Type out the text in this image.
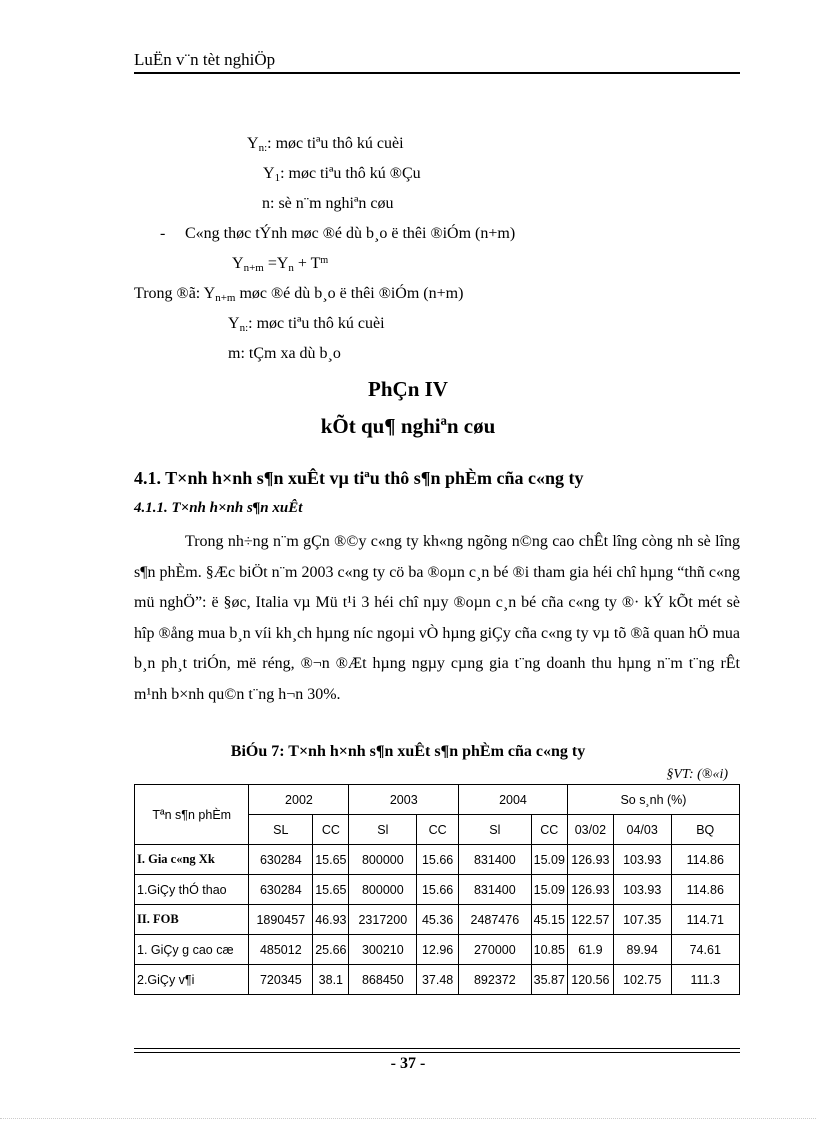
LuËn v¨n tèt nghiÖp
$Y_{n:}$: møc tiªu thô kú cuèi
$Y_1$: møc tiªu thô kú ®Çu
n: sè n¨m nghiªn cøu
- C«ng thøc tÝnh møc ®é dù b¸o ë thêi ®iÓm (n+m)
$Y_{n+m} =Y_n + T^m$
Trong ®ã: $Y_{n+m}$ møc ®é dù b¸o ë thêi ®iÓm (n+m)
$Y_{n:}$: møc tiªu thô kú cuèi
m: tÇm xa dù b¸o
PhÇn IV
kÕt qu¶ nghiªn cøu
4.1. T×nh h×nh s¶n xuÊt vµ tiªu thô s¶n phÈm cña c«ng ty
4.1.1. T×nh h×nh s¶n xuÊt

Trong nh÷ng n¨m gÇn ®©y c«ng ty kh«ng ngõng n©ng cao chÊt lîng còng nh sè lîng s¶n phÈm. §Æc biÖt n¨m 2003 c«ng ty cö ba ®oµn c¸n bé ®i tham gia héi chî hµng “thñ c«ng mü nghÖ”: ë §øc, Italia vµ Mü t¹i 3 héi chî nµy ®oµn c¸n bé cña c«ng ty ®· kÝ kÕt mét sè hîp ®ång mua b¸n víi kh¸ch hµng níc ngoµi vÒ hµng giÇy cña c«ng ty vµ tõ ®ã quan hÖ mua b¸n ph¸t triÓn, më réng, ®¬n ®Æt hµng ngµy cµng gia t¨ng doanh thu hµng n¨m t¨ng rÊt m¹nh b×nh qu©n t¨ng h¬n 30%.

BiÓu 7: T×nh h×nh s¶n xuÊt s¶n phÈm cña c«ng ty
§VT: (®«i)
Tªn s¶n phÈm	2002		2003		2004		So s¸nh (%)		
	SL	CC	Sl	CC	Sl	CC	03/02	04/03	BQ
I. Gia c«ng Xk	630284	15.65	800000	15.66	831400	15.09	126.93	103.93	114.86
1.GiÇy thÓ thao	630284	15.65	800000	15.66	831400	15.09	126.93	103.93	114.86
II. FOB	1890457	46.93	2317200	45.36	2487476	45.15	122.57	107.35	114.71
1. GiÇy g cao cæ	485012	25.66	300210	12.96	270000	10.85	61.9	89.94	74.61
2.GiÇy v¶i	720345	38.1	868450	37.48	892372	35.87	120.56	102.75	111.3
- 37 -
